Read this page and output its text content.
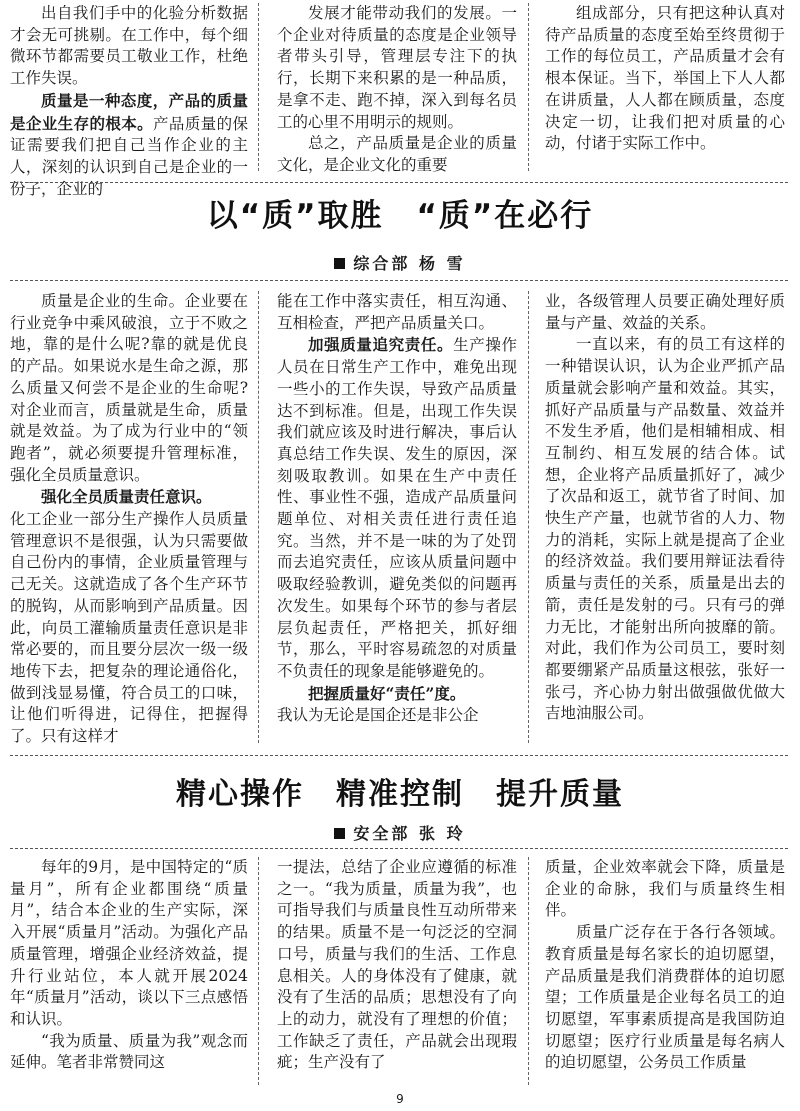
出自我们手中的化验分析数据才会无可挑剔。在工作中，每个细微环节都需要员工敬业工作，杜绝工作失误。

质量是一种态度，产品的质量是企业生存的根本。产品质量的保证需要我们把自己当作企业的主人，深刻的认识到自己是企业的一份子，企业的

发展才能带动我们的发展。一个企业对待质量的态度是企业领导者带头引导，管理层专注下的执行，长期下来积累的是一种品质，是拿不走、跑不掉，深入到每名员工的心里不用明示的规则。

总之，产品质量是企业的质量文化，是企业文化的重要

组成部分，只有把这种认真对待产品质量的态度至始至终贯彻于工作的每位员工，产品质量才会有根本保证。当下，举国上下人人都在讲质量，人人都在顾质量，态度决定一切，让我们把对质量的心动，付诸于实际工作中。

以“质”取胜　“质”在必行
综合部 杨 雪

质量是企业的生命。企业要在行业竞争中乘风破浪，立于不败之地，靠的是什么呢?靠的就是优良的产品。如果说水是生命之源，那么质量又何尝不是企业的生命呢? 对企业而言，质量就是生命，质量就是效益。为了成为行业中的“领跑者”，就必须要提升管理标准，强化全员质量意识。

强化全员质量责任意识。

化工企业一部分生产操作人员质量管理意识不是很强，认为只需要做自己份内的事情，企业质量管理与己无关。这就造成了各个生产环节的脱钩，从而影响到产品质量。因此，向员工灌输质量责任意识是非常必要的，而且要分层次一级一级地传下去，把复杂的理论通俗化，做到浅显易懂，符合员工的口味，让他们听得进，记得住，把握得了。只有这样才

能在工作中落实责任，相互沟通、互相检查，严把产品质量关口。

加强质量追究责任。生产操作人员在日常生产工作中，难免出现一些小的工作失误，导致产品质量达不到标准。但是，出现工作失误我们就应该及时进行解决，事后认真总结工作失误、发生的原因，深刻吸取教训。如果在生产中责任性、事业性不强，造成产品质量问题单位、对相关责任进行责任追究。当然，并不是一味的为了处罚而去追究责任，应该从质量问题中吸取经验教训，避免类似的问题再次发生。如果每个环节的参与者层层负起责任，严格把关，抓好细节，那么，平时容易疏忽的对质量不负责任的现象是能够避免的。

把握质量好“责任”度。

我认为无论是国企还是非公企

业，各级管理人员要正确处理好质量与产量、效益的关系。

一直以来，有的员工有这样的一种错误认识，认为企业严抓产品质量就会影响产量和效益。其实，抓好产品质量与产品数量、效益并不发生矛盾，他们是相辅相成、相互制约、相互发展的结合体。试想，企业将产品质量抓好了，减少了次品和返工，就节省了时间、加快生产产量，也就节省的人力、物力的消耗，实际上就是提高了企业的经济效益。我们要用辩证法看待质量与责任的关系，质量是出去的箭，责任是发射的弓。只有弓的弹力无比，才能射出所向披靡的箭。对此，我们作为公司员工，要时刻都要绷紧产品质量这根弦，张好一张弓，齐心协力射出做强做优做大吉地油服公司。

精心操作　精准控制　提升质量
安全部 张 玲

每年的9月，是中国特定的“质量月”，所有企业都围绕“质量月”，结合本企业的生产实际，深入开展“质量月”活动。为强化产品质量管理，增强企业经济效益，提升行业站位，本人就开展2024年“质量月”活动，谈以下三点感悟和认识。

“我为质量、质量为我”观念而延伸。笔者非常赞同这

一提法，总结了企业应遵循的标准之一。“我为质量，质量为我”，也可指导我们与质量良性互动所带来的结果。质量不是一句泛泛的空洞口号，质量与我们的生活、工作息息相关。人的身体没有了健康，就没有了生活的品质；思想没有了向上的动力，就没有了理想的价值；工作缺乏了责任，产品就会出现瑕疵；生产没有了

质量，企业效率就会下降，质量是企业的命脉，我们与质量终生相伴。

质量广泛存在于各行各领域。教育质量是每名家长的迫切愿望，产品质量是我们消费群体的迫切愿望；工作质量是企业每名员工的迫切愿望，军事素质提高是我国防迫切愿望；医疗行业质量是每名病人的迫切愿望，公务员工作质量

9
